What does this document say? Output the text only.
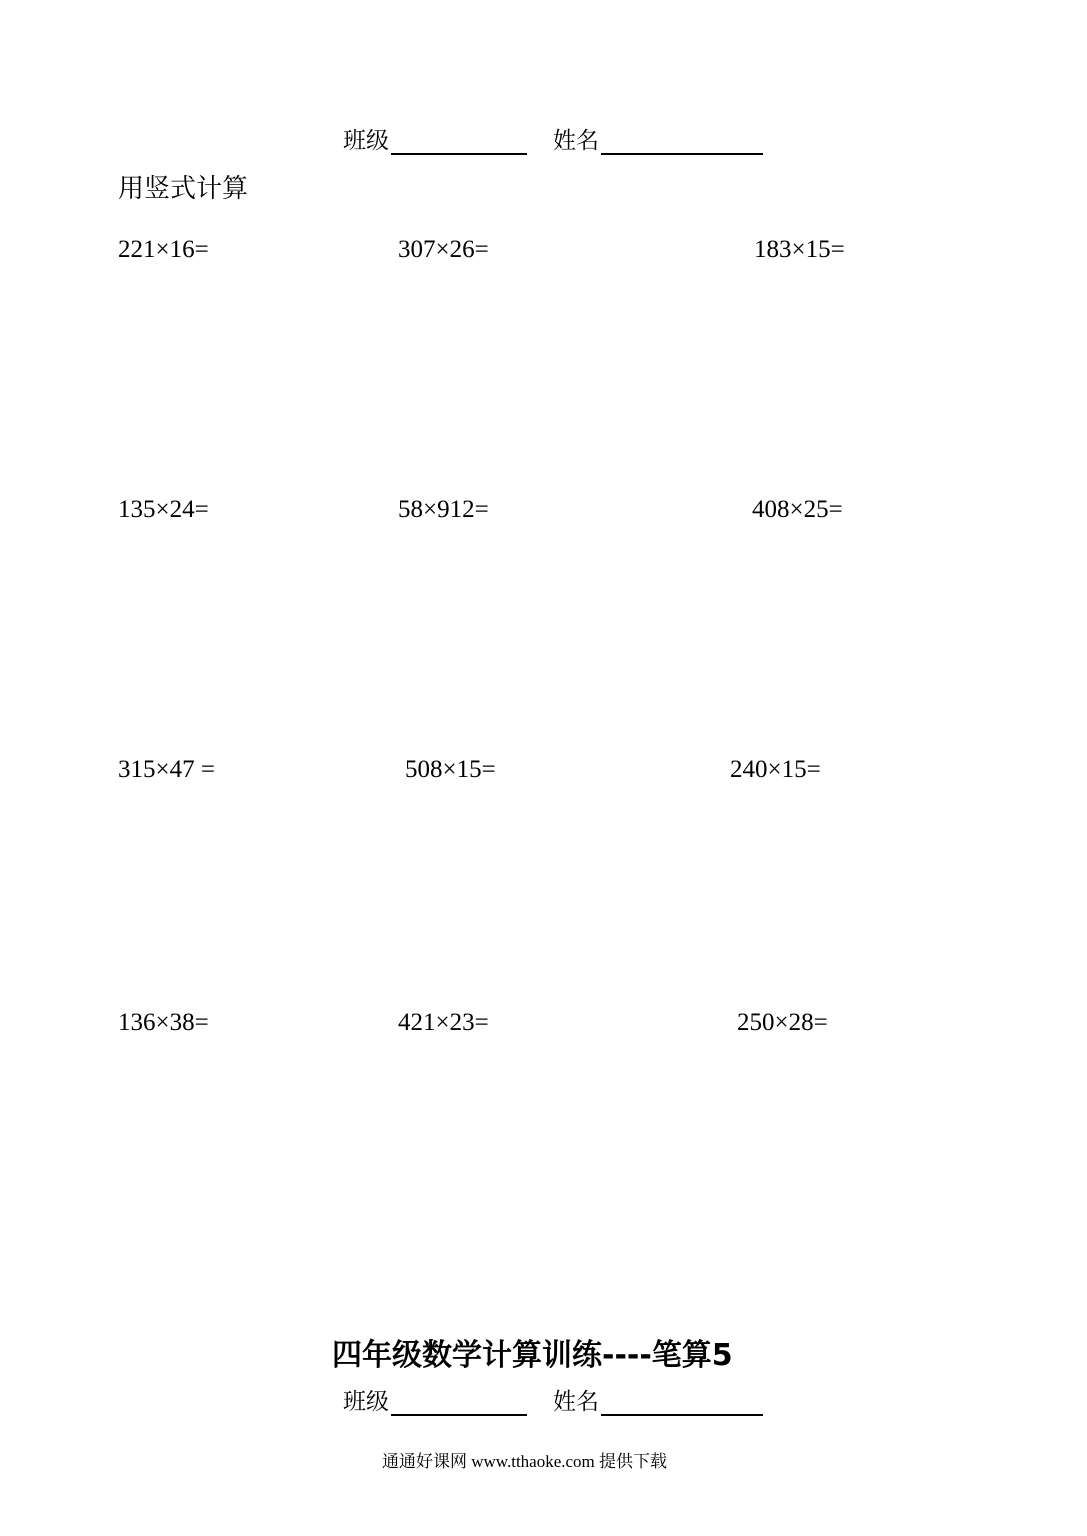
班级	姓名
用竖式计算
221×16=	307×26=	183×15=
135×24=	58×912=	408×25=
315×47 =	508×15=	240×15=
136×38=	421×23=	250×28=
四年级数学计算训练----笔算5
班级	姓名
通通好课网 www.tthaoke.com 提供下载
